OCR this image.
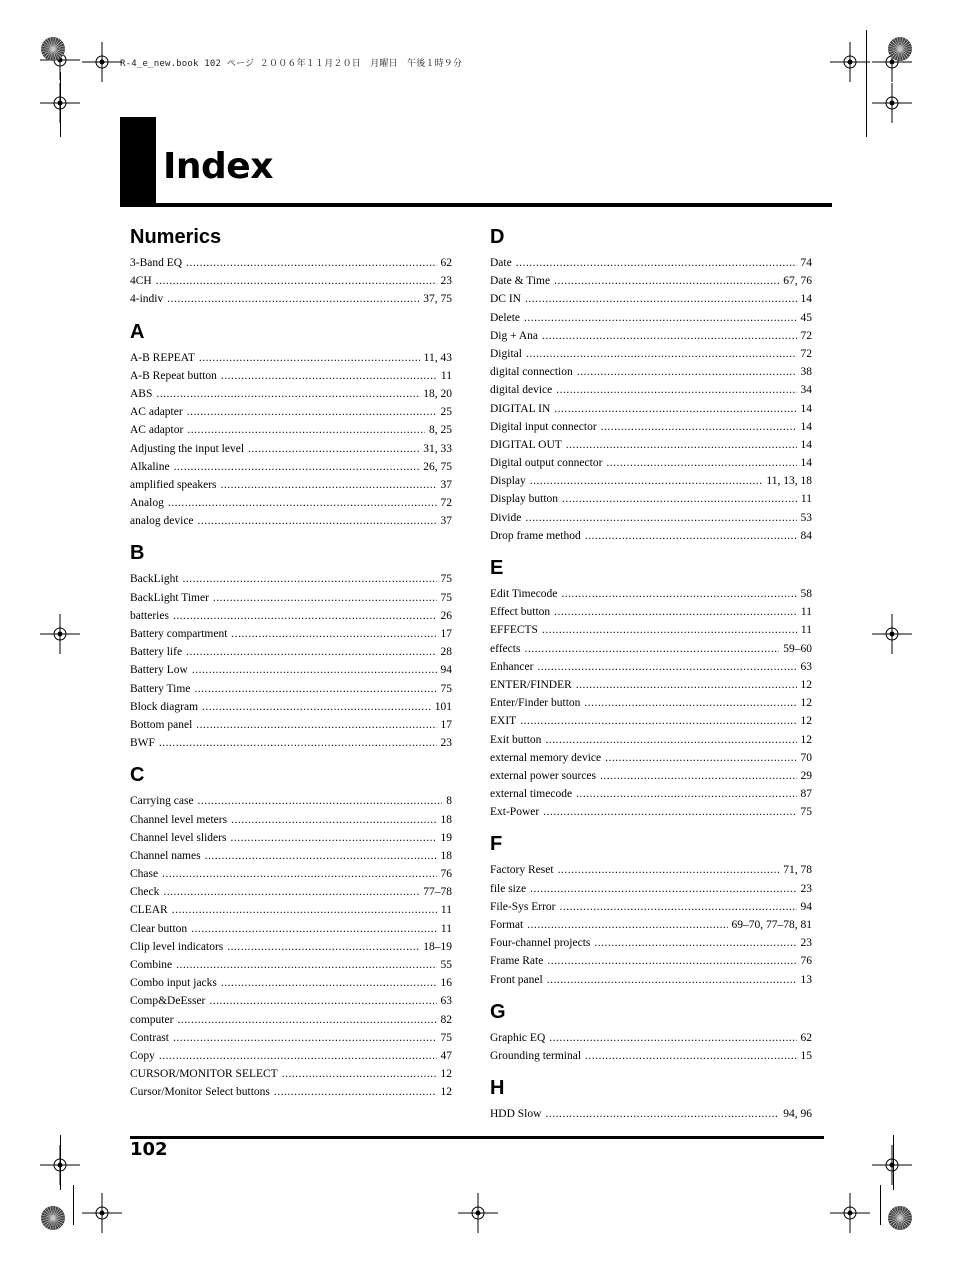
R-4_e_new.book 102 ページ ２００６年１１月２０日　月曜日　午後１時９分
Index
Numerics
3-Band EQ .....	62
4CH .....	23
4-indiv .....	37, 75
A
A-B REPEAT .....	11, 43
A-B Repeat button .....	11
ABS .....	18, 20
AC adapter .....	25
AC adaptor .....	8, 25
Adjusting the input level .....	31, 33
Alkaline .....	26, 75
amplified speakers .....	37
Analog .....	72
analog device .....	37
B
BackLight .....	75
BackLight Timer .....	75
batteries .....	26
Battery compartment .....	17
Battery life .....	28
Battery Low .....	94
Battery Time .....	75
Block diagram .....	101
Bottom panel .....	17
BWF .....	23
C
Carrying case .....	8
Channel level meters .....	18
Channel level sliders .....	19
Channel names .....	18
Chase .....	76
Check .....	77–78
CLEAR .....	11
Clear button .....	11
Clip level indicators .....	18–19
Combine .....	55
Combo input jacks .....	16
Comp&DeEsser .....	63
computer .....	82
Contrast .....	75
Copy .....	47
CURSOR/MONITOR SELECT .....	12
Cursor/Monitor Select buttons .....	12
D
Date .....	74
Date & Time .....	67, 76
DC IN .....	14
Delete .....	45
Dig + Ana .....	72
Digital .....	72
digital connection .....	38
digital device .....	34
DIGITAL IN .....	14
Digital input connector .....	14
DIGITAL OUT .....	14
Digital output connector .....	14
Display .....	11, 13, 18
Display button .....	11
Divide .....	53
Drop frame method .....	84
E
Edit Timecode .....	58
Effect button .....	11
EFFECTS .....	11
effects .....	59–60
Enhancer .....	63
ENTER/FINDER .....	12
Enter/Finder button .....	12
EXIT .....	12
Exit button .....	12
external memory device .....	70
external power sources .....	29
external timecode .....	87
Ext-Power .....	75
F
Factory Reset .....	71, 78
file size .....	23
File-Sys Error .....	94
Format .....	69–70, 77–78, 81
Four-channel projects .....	23
Frame Rate .....	76
Front panel .....	13
G
Graphic EQ .....	62
Grounding terminal .....	15
H
HDD Slow .....	94, 96
102
